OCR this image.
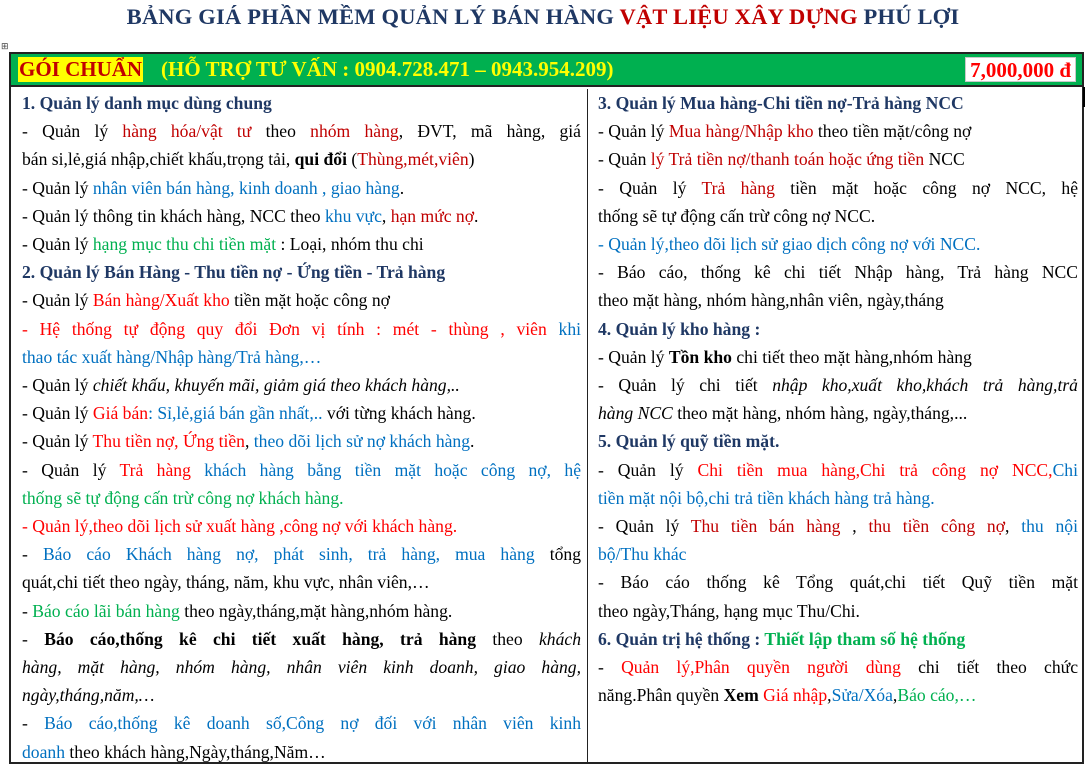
BẢNG GIÁ PHẦN MỀM QUẢN LÝ BÁN HÀNG VẬT LIỆU XÂY DỰNG PHÚ LỢI
⊞
GÓI CHUẨN (HỖ TRỢ TƯ VẤN : 0904.728.471 – 0943.954.209)	7,000,000 đ

1. Quản lý danh mục dùng chung

- Quản lý hàng hóa/vật tư theo nhóm hàng, ĐVT, mã hàng, giá

bán si,lẻ,giá nhập,chiết khấu,trọng tải, qui đổi (Thùng,mét,viên)

- Quản lý nhân viên bán hàng, kinh doanh , giao hàng.

- Quản lý thông tin khách hàng, NCC theo khu vực, hạn mức nợ.

- Quản lý hạng mục thu chi tiền mặt : Loại, nhóm thu chi

2. Quản lý Bán Hàng - Thu tiền nợ - Ứng tiền - Trả hàng

- Quản lý Bán hàng/Xuất kho tiền mặt hoặc công nợ

- Hệ thống tự động quy đổi Đơn vị tính : mét - thùng , viên khi

thao tác xuất hàng/Nhập hàng/Trả hàng,…

- Quản lý chiết khấu, khuyến mãi, giảm giá theo khách hàng,..

- Quản lý Giá bán: Sỉ,lẻ,giá bán gần nhất,.. với từng khách hàng.

- Quản lý Thu tiền nợ, Ứng tiền, theo dõi lịch sử nợ khách hàng.

- Quản lý Trả hàng khách hàng bằng tiền mặt hoặc công nợ, hệ

thống sẽ tự động cấn trừ công nợ khách hàng.

- Quản lý,theo dõi lịch sử xuất hàng ,công nợ với khách hàng.

- Báo cáo Khách hàng nợ, phát sinh, trả hàng, mua hàng tổng

quát,chi tiết theo ngày, tháng, năm, khu vực, nhân viên,…

- Báo cáo lãi bán hàng theo ngày,tháng,mặt hàng,nhóm hàng.

- Báo cáo,thống kê chi tiết xuất hàng, trả hàng theo khách

hàng, mặt hàng, nhóm hàng, nhân viên kinh doanh, giao hàng,

ngày,tháng,năm,…

- Báo cáo,thống kê doanh số,Công nợ đối với nhân viên kinh

doanh theo khách hàng,Ngày,tháng,Năm…

3. Quản lý Mua hàng-Chi tiền nợ-Trả hàng NCC

- Quản lý Mua hàng/Nhập kho theo tiền mặt/công nợ

- Quản lý Trả tiền nợ/thanh toán hoặc ứng tiền NCC

- Quản lý Trả hàng tiền mặt hoặc công nợ NCC, hệ

thống sẽ tự động cấn trừ công nợ NCC.

- Quản lý,theo dõi lịch sử giao dịch công nợ với NCC.

- Báo cáo, thống kê chi tiết Nhập hàng, Trả hàng NCC

theo mặt hàng, nhóm hàng,nhân viên, ngày,tháng

4. Quản lý kho hàng :

- Quản lý Tồn kho chi tiết theo mặt hàng,nhóm hàng

- Quản lý chi tiết nhập kho,xuất kho,khách trả hàng,trả

hàng NCC theo mặt hàng, nhóm hàng, ngày,tháng,...

5. Quản lý quỹ tiền mặt.

- Quản lý Chi tiền mua hàng,Chi trả công nợ NCC,Chi

tiền mặt nội bộ,chi trả tiền khách hàng trả hàng.

- Quản lý Thu tiền bán hàng , thu tiền công nợ, thu nội

bộ/Thu khác

- Báo cáo thống kê Tổng quát,chi tiết Quỹ tiền mặt

theo ngày,Tháng, hạng mục Thu/Chi.

6. Quản trị hệ thống : Thiết lập tham số hệ thống

- Quản lý,Phân quyền người dùng chi tiết theo chức

năng.Phân quyền Xem Giá nhập,Sửa/Xóa,Báo cáo,…
